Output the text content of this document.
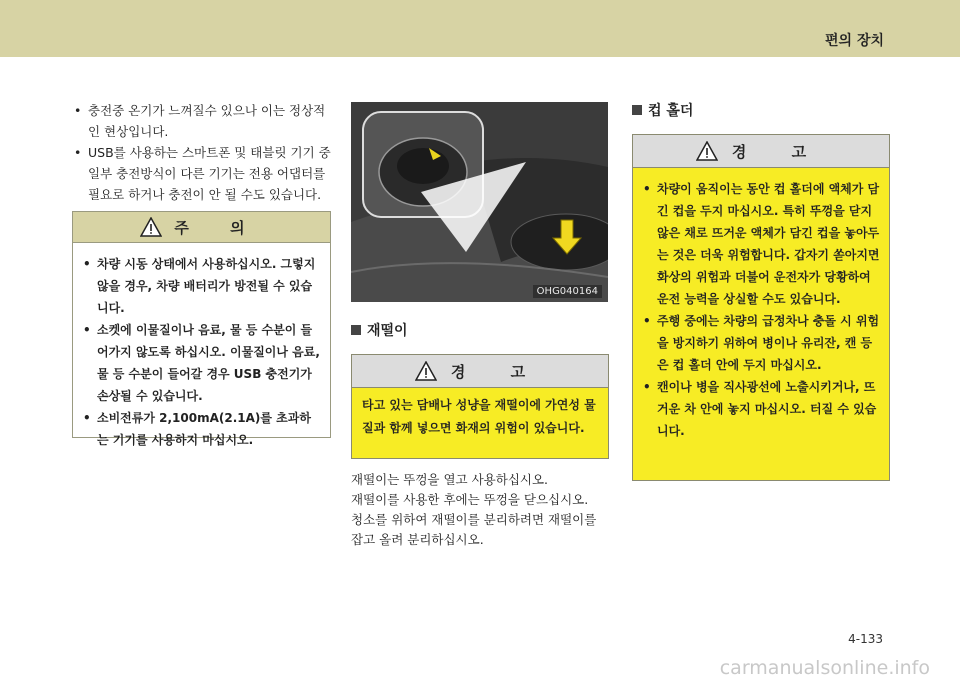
편의 장치
• 충전중 온기가 느껴질수 있으나 이는 정상적인 현상입니다.
• USB를 사용하는 스마트폰 및 태블릿 기기 중 일부 충전방식이 다른 기기는 전용 어댑터를 필요로 하거나 충전이 안 될 수도 있습니다.
주 의
• 차량 시동 상태에서 사용하십시오. 그렇지 않을 경우, 차량 배터리가 방전될 수 있습니다.
• 소켓에 이물질이나 음료, 물 등 수분이 들어가지 않도록 하십시오. 이물질이나 음료, 물 등 수분이 들어갈 경우 USB 충전기가 손상될 수 있습니다.
• 소비전류가 2,100mA(2.1A)를 초과하는 기기를 사용하지 마십시오.
OHG040164
재떨이
경 고
타고 있는 담배나 성냥을 재떨이에 가연성 물질과 함께 넣으면 화재의 위험이 있습니다.
재떨이는 뚜껑을 열고 사용하십시오.
재떨이를 사용한 후에는 뚜껑을 닫으십시오.
청소를 위하여 재떨이를 분리하려면 재떨이를 잡고 올려 분리하십시오.
컵 홀더
경 고
• 차량이 움직이는 동안 컵 홀더에 액체가 담긴 컵을 두지 마십시오. 특히 뚜껑을 닫지 않은 채로 뜨거운 액체가 담긴 컵을 놓아두는 것은 더욱 위험합니다. 갑자기 쏟아지면 화상의 위험과 더불어 운전자가 당황하여 운전 능력을 상실할 수도 있습니다.
• 주행 중에는 차량의 급정차나 충돌 시 위험을 방지하기 위하여 병이나 유리잔, 캔 등은 컵 홀더 안에 두지 마십시오.
• 캔이나 병을 직사광선에 노출시키거나, 뜨거운 차 안에 놓지 마십시오. 터질 수 있습니다.
4-133
carmanualsonline.info
